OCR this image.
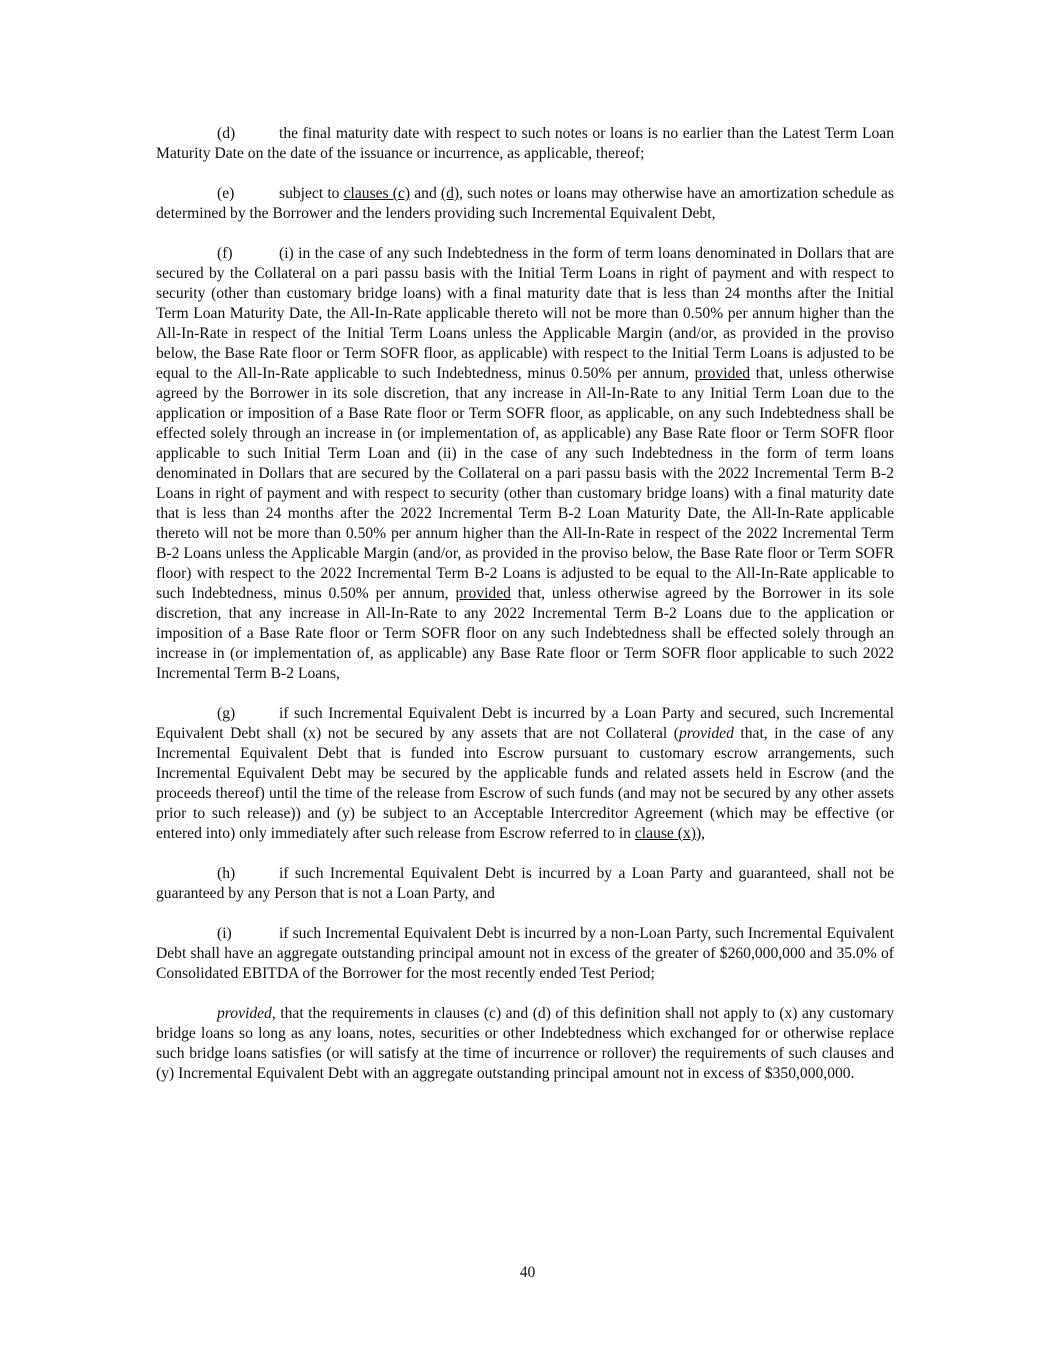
(d)	the final maturity date with respect to such notes or loans is no earlier than the Latest Term Loan Maturity Date on the date of the issuance or incurrence, as applicable, thereof;

(e)	subject to clauses (c) and (d), such notes or loans may otherwise have an amortization schedule as determined by the Borrower and the lenders providing such Incremental Equivalent Debt,

(f)	(i) in the case of any such Indebtedness in the form of term loans denominated in Dollars that are secured by the Collateral on a pari passu basis with the Initial Term Loans in right of payment and with respect to security (other than customary bridge loans) with a final maturity date that is less than 24 months after the Initial Term Loan Maturity Date, the All-In-Rate applicable thereto will not be more than 0.50% per annum higher than the All-In-Rate in respect of the Initial Term Loans unless the Applicable Margin (and/or, as provided in the proviso below, the Base Rate floor or Term SOFR floor, as applicable) with respect to the Initial Term Loans is adjusted to be equal to the All-In-Rate applicable to such Indebtedness, minus 0.50% per annum, provided that, unless otherwise agreed by the Borrower in its sole discretion, that any increase in All-In-Rate to any Initial Term Loan due to the application or imposition of a Base Rate floor or Term SOFR floor, as applicable, on any such Indebtedness shall be effected solely through an increase in (or implementation of, as applicable) any Base Rate floor or Term SOFR floor applicable to such Initial Term Loan and (ii) in the case of any such Indebtedness in the form of term loans denominated in Dollars that are secured by the Collateral on a pari passu basis with the 2022 Incremental Term B-2 Loans in right of payment and with respect to security (other than customary bridge loans) with a final maturity date that is less than 24 months after the 2022 Incremental Term B-2 Loan Maturity Date, the All-In-Rate applicable thereto will not be more than 0.50% per annum higher than the All-In-Rate in respect of the 2022 Incremental Term B-2 Loans unless the Applicable Margin (and/or, as provided in the proviso below, the Base Rate floor or Term SOFR floor) with respect to the 2022 Incremental Term B-2 Loans is adjusted to be equal to the All-In-Rate applicable to such Indebtedness, minus 0.50% per annum, provided that, unless otherwise agreed by the Borrower in its sole discretion, that any increase in All-In-Rate to any 2022 Incremental Term B-2 Loans due to the application or imposition of a Base Rate floor or Term SOFR floor on any such Indebtedness shall be effected solely through an increase in (or implementation of, as applicable) any Base Rate floor or Term SOFR floor applicable to such 2022 Incremental Term B-2 Loans,

(g)	if such Incremental Equivalent Debt is incurred by a Loan Party and secured, such Incremental Equivalent Debt shall (x) not be secured by any assets that are not Collateral (provided that, in the case of any Incremental Equivalent Debt that is funded into Escrow pursuant to customary escrow arrangements, such Incremental Equivalent Debt may be secured by the applicable funds and related assets held in Escrow (and the proceeds thereof) until the time of the release from Escrow of such funds (and may not be secured by any other assets prior to such release)) and (y) be subject to an Acceptable Intercreditor Agreement (which may be effective (or entered into) only immediately after such release from Escrow referred to in clause (x)),

(h)	if such Incremental Equivalent Debt is incurred by a Loan Party and guaranteed, shall not be guaranteed by any Person that is not a Loan Party, and

(i)	if such Incremental Equivalent Debt is incurred by a non-Loan Party, such Incremental Equivalent Debt shall have an aggregate outstanding principal amount not in excess of the greater of $260,000,000 and 35.0% of Consolidated EBITDA of the Borrower for the most recently ended Test Period;

provided, that the requirements in clauses (c) and (d) of this definition shall not apply to (x) any customary bridge loans so long as any loans, notes, securities or other Indebtedness which exchanged for or otherwise replace such bridge loans satisfies (or will satisfy at the time of incurrence or rollover) the requirements of such clauses and (y) Incremental Equivalent Debt with an aggregate outstanding principal amount not in excess of $350,000,000.

40
